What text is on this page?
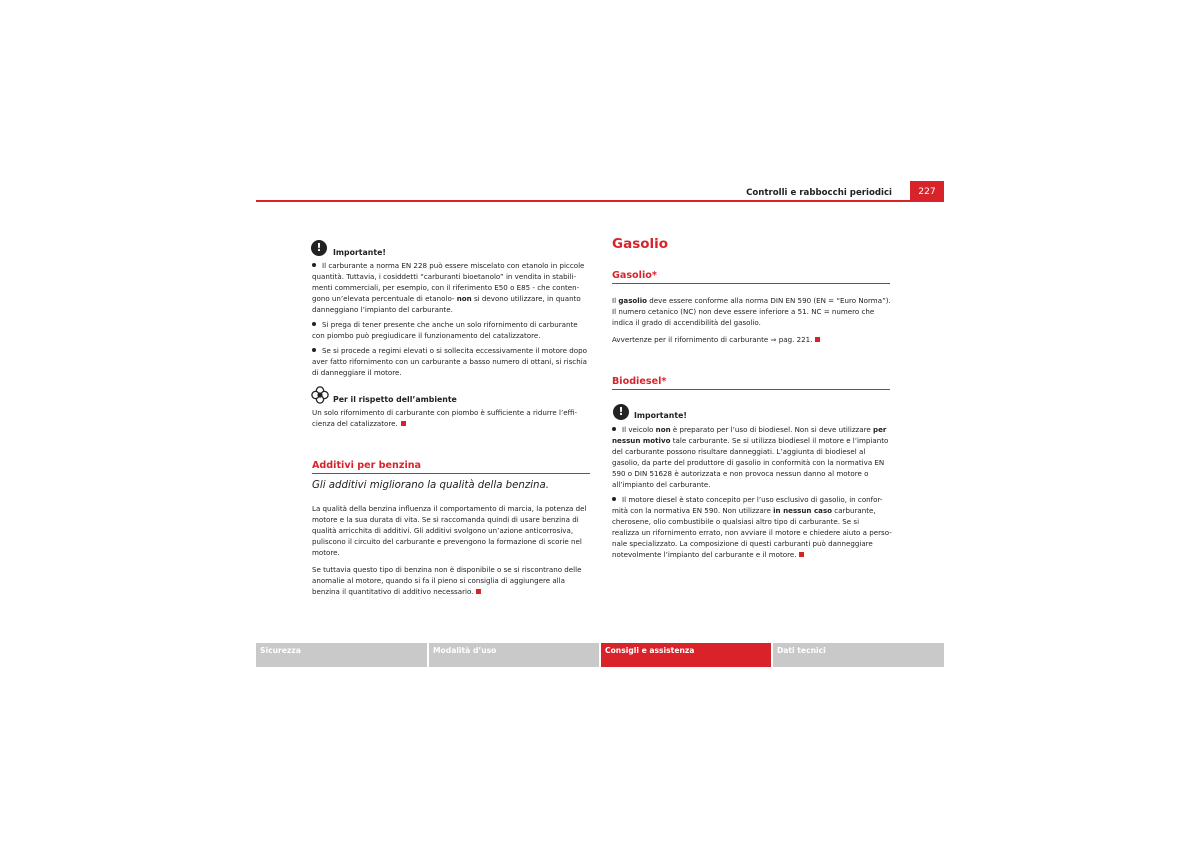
Controlli e rabbocchi periodici	227
!	Importante!

Il carburante a norma EN 228 può essere miscelato con etanolo in piccole

quantità. Tuttavia, i cosiddetti “carburanti bioetanolo” in vendita in stabili-

menti commerciali, per esempio, con il riferimento E50 o E85 - che conten-

gono un’elevata percentuale di etanolo- non si devono utilizzare, in quanto

danneggiano l’impianto del carburante.

Si prega di tener presente che anche un solo rifornimento di carburante

con piombo può pregiudicare il funzionamento del catalizzatore.

Se si procede a regimi elevati o si sollecita eccessivamente il motore dopo

aver fatto rifornimento con un carburante a basso numero di ottani, si rischia

di danneggiare il motore.

Per il rispetto dell’ambiente

Un solo rifornimento di carburante con piombo è sufficiente a ridurre l’effi-

cienza del catalizzatore.

Additivi per benzina
Gli additivi migliorano la qualità della benzina.

La qualità della benzina influenza il comportamento di marcia, la potenza del

motore e la sua durata di vita. Se si raccomanda quindi di usare benzina di

qualità arricchita di additivi. Gli additivi svolgono un’azione anticorrosiva,

puliscono il circuito del carburante e prevengono la formazione di scorie nel

motore.

Se tuttavia questo tipo di benzina non è disponibile o se si riscontrano delle

anomalie al motore, quando si fa il pieno si consiglia di aggiungere alla

benzina il quantitativo di additivo necessario.

Gasolio
Gasolio*

Il gasolio deve essere conforme alla norma DIN EN 590 (EN = “Euro Norma”).

Il numero cetanico (NC) non deve essere inferiore a 51. NC = numero che

indica il grado di accendibilità del gasolio.

Avvertenze per il rifornimento di carburante ⇒ pag. 221.

Biodiesel*
!	Importante!

Il veicolo non è preparato per l’uso di biodiesel. Non si deve utilizzare per

nessun motivo tale carburante. Se si utilizza biodiesel il motore e l’impianto

del carburante possono risultare danneggiati. L’aggiunta di biodiesel al

gasolio, da parte del produttore di gasolio in conformità con la normativa EN

590 o DIN 51628 è autorizzata e non provoca nessun danno al motore o

all’impianto del carburante.

Il motore diesel è stato concepito per l’uso esclusivo di gasolio, in confor-

mità con la normativa EN 590. Non utilizzare in nessun caso carburante,

cherosene, olio combustibile o qualsiasi altro tipo di carburante. Se si

realizza un rifornimento errato, non avviare il motore e chiedere aiuto a perso-

nale specializzato. La composizione di questi carburanti può danneggiare

notevolmente l’impianto del carburante e il motore.

Sicurezza	Modalità d’uso	Consigli e assistenza	Dati tecnici
